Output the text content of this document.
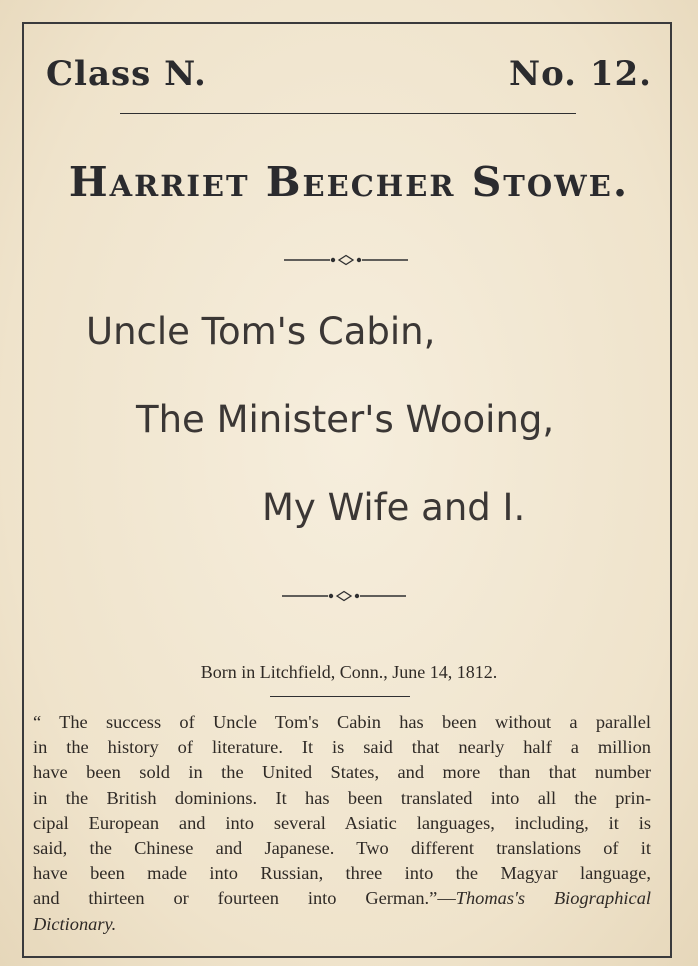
Class N.	No. 12.
Harriet Beecher Stowe.
Uncle Tom's Cabin,
The Minister's Wooing,
My Wife and I.
Born in Litchfield, Conn., June 14, 1812.
“ The success of Uncle Tom's Cabin has been without a parallel
in the history of literature. It is said that nearly half a million
have been sold in the United States, and more than that number
in the British dominions. It has been translated into all the prin-
cipal European and into several Asiatic languages, including, it is
said, the Chinese and Japanese. Two different translations of it
have been made into Russian, three into the Magyar language,
and thirteen or fourteen into German.”—Thomas's Biographical
Dictionary.
